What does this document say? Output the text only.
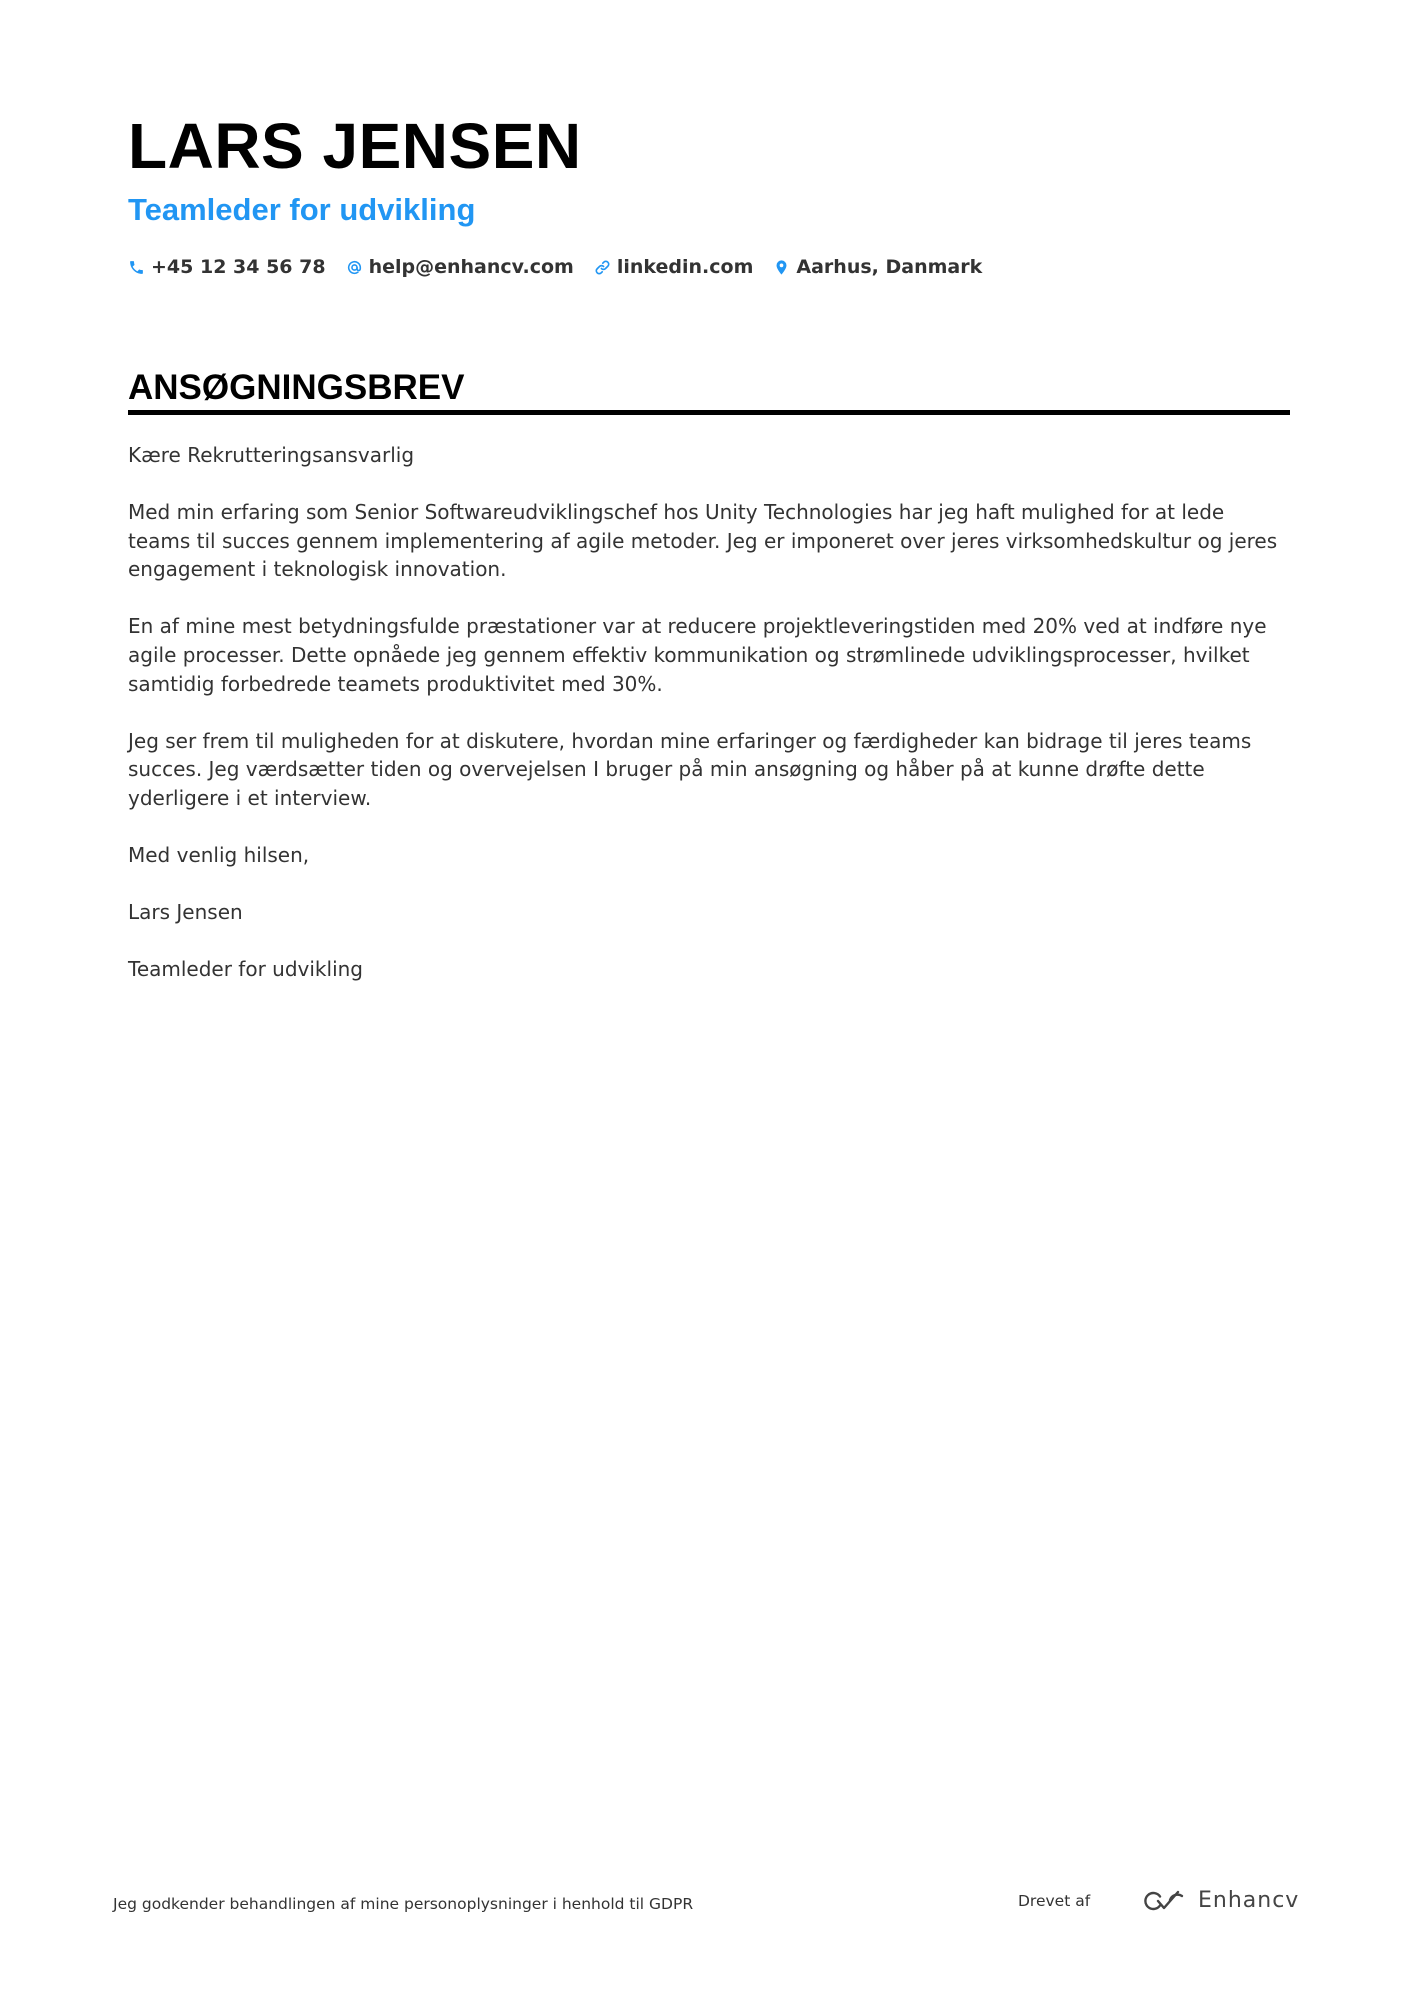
LARS JENSEN
Teamleder for udvikling
+45 12 34 56 78 help@enhancv.com linkedin.com Aarhus, Danmark
ANSØGNINGSBREV

Kære Rekrutteringsansvarlig

Med min erfaring som Senior Softwareudviklingschef hos Unity Technologies har jeg haft mulighed for at lede teams til succes gennem implementering af agile metoder. Jeg er imponeret over jeres virksomhedskultur og jeres engagement i teknologisk innovation.

En af mine mest betydningsfulde præstationer var at reducere projektleveringstiden med 20% ved at indføre nye agile processer. Dette opnåede jeg gennem effektiv kommunikation og strømlinede udviklingsprocesser, hvilket samtidig forbedrede teamets produktivitet med 30%.

Jeg ser frem til muligheden for at diskutere, hvordan mine erfaringer og færdigheder kan bidrage til jeres teams succes. Jeg værdsætter tiden og overvejelsen I bruger på min ansøgning og håber på at kunne drøfte dette yderligere i et interview.

Med venlig hilsen,

Lars Jensen

Teamleder for udvikling

Jeg godkender behandlingen af mine personoplysninger i henhold til GDPR	Drevet af	Enhancv
